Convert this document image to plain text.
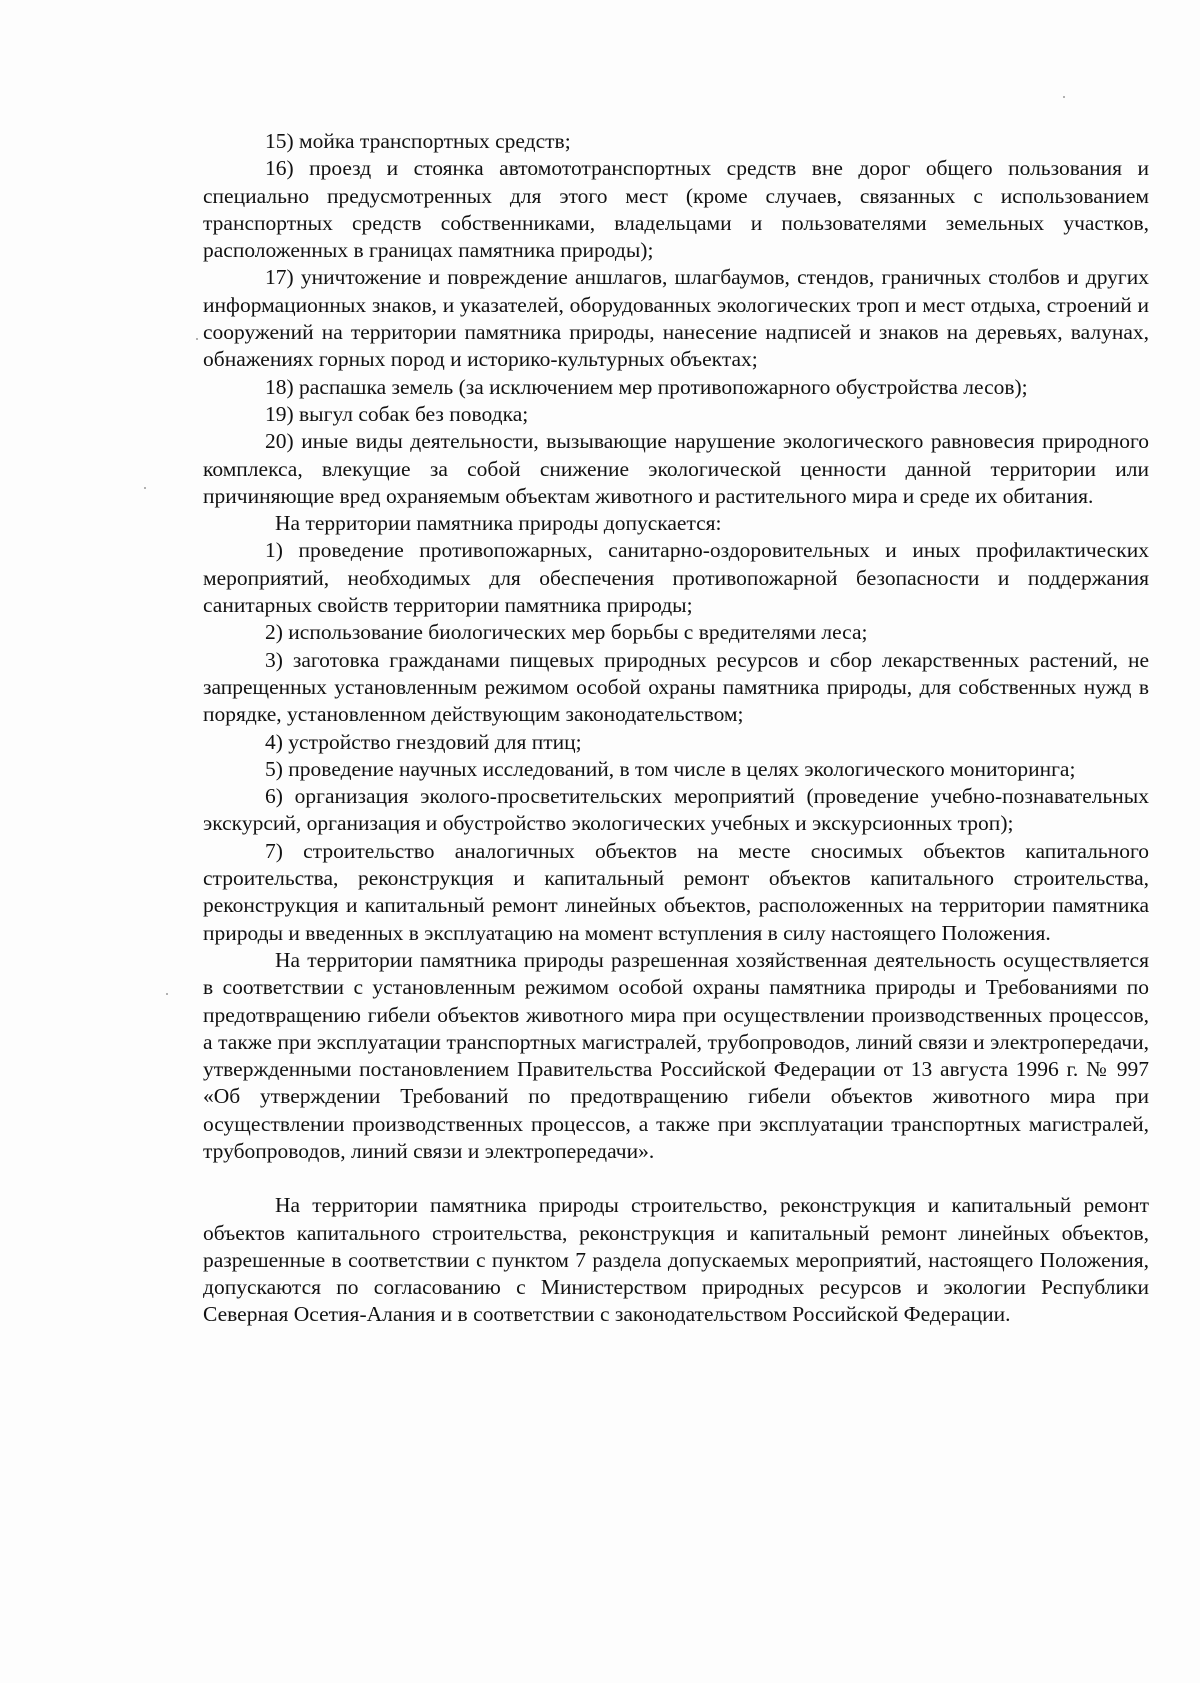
15) мойка транспортных средств;

16) проезд и стоянка автомототранспортных средств вне дорог общего пользования и специально предусмотренных для этого мест (кроме случаев, связанных с использованием транспортных средств собственниками, владельцами и пользователями земельных участков, расположенных в границах памятника природы);

17) уничтожение и повреждение аншлагов, шлагбаумов, стендов, граничных столбов и других информационных знаков, и указателей, оборудованных экологических троп и мест отдыха, строений и сооружений на территории памятника природы, нанесение надписей и знаков на деревьях, валунах, обнажениях горных пород и историко-культурных объектах;

18) распашка земель (за исключением мер противопожарного обустройства лесов);

19) выгул собак без поводка;

20) иные виды деятельности, вызывающие нарушение экологического равновесия природного комплекса, влекущие за собой снижение экологической ценности данной территории или причиняющие вред охраняемым объектам животного и растительного мира и среде их обитания.

На территории памятника природы допускается:

1) проведение противопожарных, санитарно-оздоровительных и иных профилактических мероприятий, необходимых для обеспечения противопожарной безопасности и поддержания санитарных свойств территории памятника природы;

2) использование биологических мер борьбы с вредителями леса;

3) заготовка гражданами пищевых природных ресурсов и сбор лекарственных растений, не запрещенных установленным режимом особой охраны памятника природы, для собственных нужд в порядке, установленном действующим законодательством;

4) устройство гнездовий для птиц;

5) проведение научных исследований, в том числе в целях экологического мониторинга;

6) организация эколого-просветительских мероприятий (проведение учебно-познавательных экскурсий, организация и обустройство экологических учебных и экскурсионных троп);

7) строительство аналогичных объектов на месте сносимых объектов капитального строительства, реконструкция и капитальный ремонт объектов капитального строительства, реконструкция и капитальный ремонт линейных объектов, расположенных на территории памятника природы и введенных в эксплуатацию на момент вступления в силу настоящего Положения.

На территории памятника природы разрешенная хозяйственная деятельность осуществляется в соответствии с установленным режимом особой охраны памятника природы и Требованиями по предотвращению гибели объектов животного мира при осуществлении производственных процессов, а также при эксплуатации транспортных магистралей, трубопроводов, линий связи и электропередачи, утвержденными постановлением Правительства Российской Федерации от 13 августа 1996 г. № 997 «Об утверждении Требований по предотвращению гибели объектов животного мира при осуществлении производственных процессов, а также при эксплуатации транспортных магистралей, трубопроводов, линий связи и электропередачи».

На территории памятника природы строительство, реконструкция и капитальный ремонт объектов капитального строительства, реконструкция и капитальный ремонт линейных объектов, разрешенные в соответствии с пунктом 7 раздела допускаемых мероприятий, настоящего Положения, допускаются по согласованию с Министерством природных ресурсов и экологии Республики Северная Осетия-Алания и в соответствии с законодательством Российской Федерации.
